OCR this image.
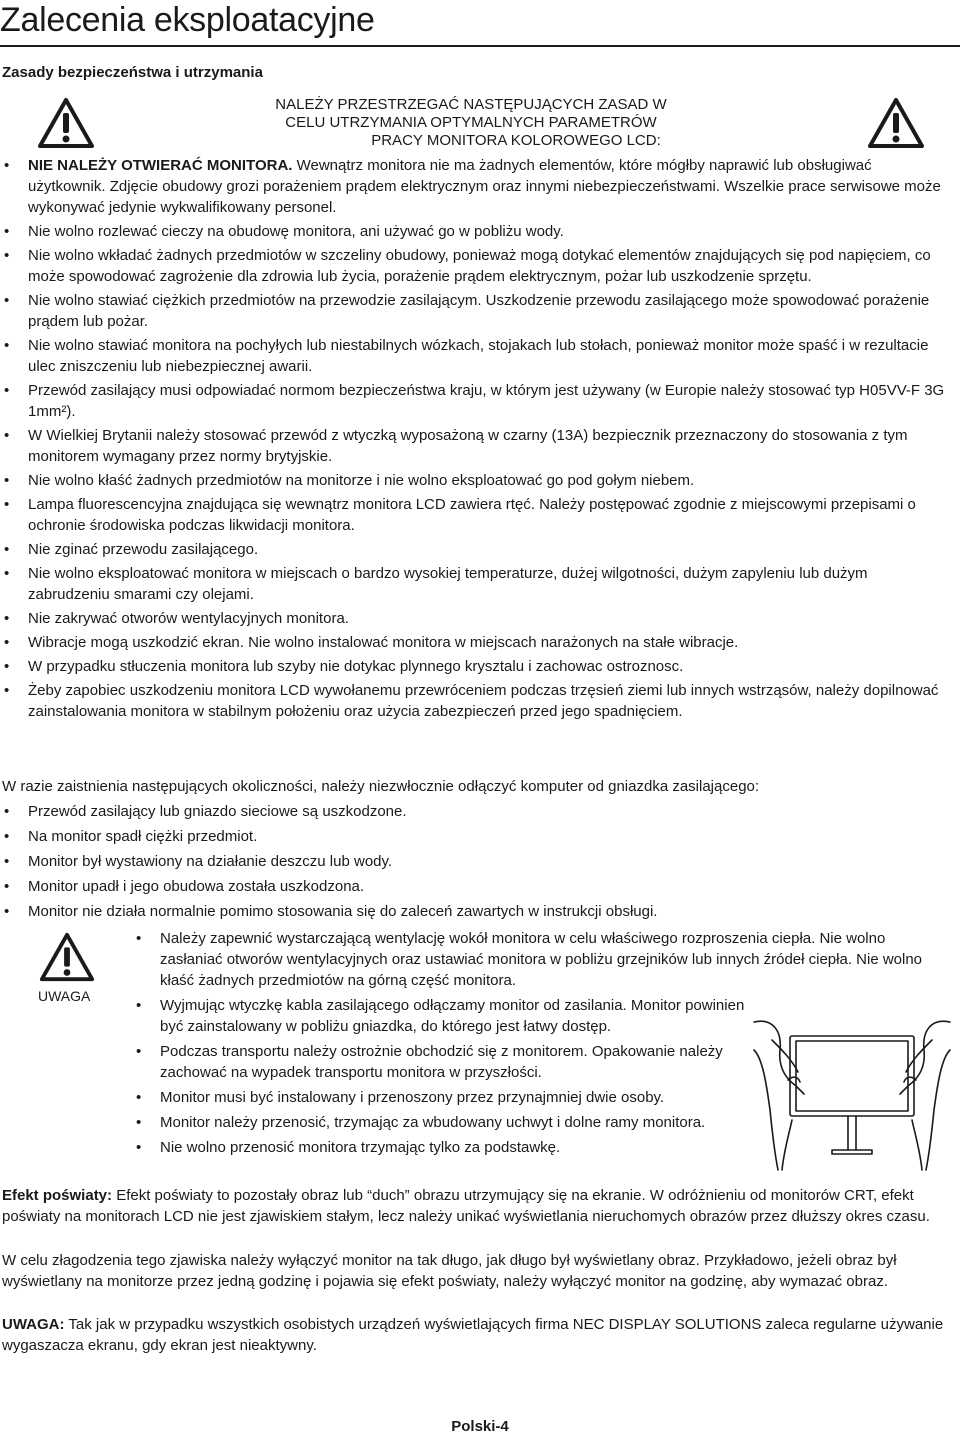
Zalecenia eksploatacyjne
Zasady bezpieczeństwa i utrzymania
NALEŻY PRZESTRZEGAĆ NASTĘPUJĄCYCH ZASAD W
CELU UTRZYMANIA OPTYMALNYCH PARAMETRÓW
PRACY MONITORA KOLOROWEGO LCD:
• NIE NALEŻY OTWIERAĆ MONITORA. Wewnątrz monitora nie ma żadnych elementów, które mógłby naprawić lub obsługiwać użytkownik. Zdjęcie obudowy grozi porażeniem prądem elektrycznym oraz innymi niebezpieczeństwami. Wszelkie prace serwisowe może wykonywać jedynie wykwalifikowany personel.
• Nie wolno rozlewać cieczy na obudowę monitora, ani używać go w pobliżu wody.
• Nie wolno wkładać żadnych przedmiotów w szczeliny obudowy, ponieważ mogą dotykać elementów znajdujących się pod napięciem, co może spowodować zagrożenie dla zdrowia lub życia, porażenie prądem elektrycznym, pożar lub uszkodzenie sprzętu.
• Nie wolno stawiać ciężkich przedmiotów na przewodzie zasilającym. Uszkodzenie przewodu zasilającego może spowodować porażenie prądem lub pożar.
• Nie wolno stawiać monitora na pochyłych lub niestabilnych wózkach, stojakach lub stołach, ponieważ monitor może spaść i w rezultacie ulec zniszczeniu lub niebezpiecznej awarii.
• Przewód zasilający musi odpowiadać normom bezpieczeństwa kraju, w którym jest używany (w Europie należy stosować typ H05VV-F 3G 1mm²).
• W Wielkiej Brytanii należy stosować przewód z wtyczką wyposażoną w czarny (13A) bezpiecznik przeznaczony do stosowania z tym monitorem wymagany przez normy brytyjskie.
• Nie wolno kłaść żadnych przedmiotów na monitorze i nie wolno eksploatować go pod gołym niebem.
• Lampa fluorescencyjna znajdująca się wewnątrz monitora LCD zawiera rtęć. Należy postępować zgodnie z miejscowymi przepisami o ochronie środowiska podczas likwidacji monitora.
• Nie zginać przewodu zasilającego.
• Nie wolno eksploatować monitora w miejscach o bardzo wysokiej temperaturze, dużej wilgotności, dużym zapyleniu lub dużym zabrudzeniu smarami czy olejami.
• Nie zakrywać otworów wentylacyjnych monitora.
• Wibracje mogą uszkodzić ekran. Nie wolno instalować monitora w miejscach narażonych na stałe wibracje.
• W przypadku stłuczenia monitora lub szyby nie dotykac plynnego krysztalu i zachowac ostroznosc.
• Żeby zapobiec uszkodzeniu monitora LCD wywołanemu przewróceniem podczas trzęsień ziemi lub innych wstrząsów, należy dopilnować zainstalowania monitora w stabilnym położeniu oraz użycia zabezpieczeń przed jego spadnięciem.

W razie zaistnienia następujących okoliczności, należy niezwłocznie odłączyć komputer od gniazdka zasilającego:

• Przewód zasilający lub gniazdo sieciowe są uszkodzone.
• Na monitor spadł ciężki przedmiot.
• Monitor był wystawiony na działanie deszczu lub wody.
• Monitor upadł i jego obudowa została uszkodzona.
• Monitor nie działa normalnie pomimo stosowania się do zaleceń zawartych w instrukcji obsługi.
UWAGA
• Należy zapewnić wystarczającą wentylację wokół monitora w celu właściwego rozproszenia ciepła. Nie wolno zasłaniać otworów wentylacyjnych oraz ustawiać monitora w pobliżu grzejników lub innych źródeł ciepła. Nie wolno kłaść żadnych przedmiotów na górną część monitora.
• Wyjmując wtyczkę kabla zasilającego odłączamy monitor od zasilania. Monitor powinien być zainstalowany w pobliżu gniazdka, do którego jest łatwy dostęp.
• Podczas transportu należy ostrożnie obchodzić się z monitorem. Opakowanie należy zachować na wypadek transportu monitora w przyszłości.
• Monitor musi być instalowany i przenoszony przez przynajmniej dwie osoby.
• Monitor należy przenosić, trzymając za wbudowany uchwyt i dolne ramy monitora.
• Nie wolno przenosić monitora trzymając tylko za podstawkę.

Efekt poświaty: Efekt poświaty to pozostały obraz lub “duch” obrazu utrzymujący się na ekranie. W odróżnieniu od monitorów CRT, efekt poświaty na monitorach LCD nie jest zjawiskiem stałym, lecz należy unikać wyświetlania nieruchomych obrazów przez dłuższy okres czasu.

W celu złagodzenia tego zjawiska należy wyłączyć monitor na tak długo, jak długo był wyświetlany obraz. Przykładowo, jeżeli obraz był wyświetlany na monitorze przez jedną godzinę i pojawia się efekt poświaty, należy wyłączyć monitor na godzinę, aby wymazać obraz.

UWAGA: Tak jak w przypadku wszystkich osobistych urządzeń wyświetlających firma NEC DISPLAY SOLUTIONS zaleca regularne używanie wygaszacza ekranu, gdy ekran jest nieaktywny.

Polski-4
